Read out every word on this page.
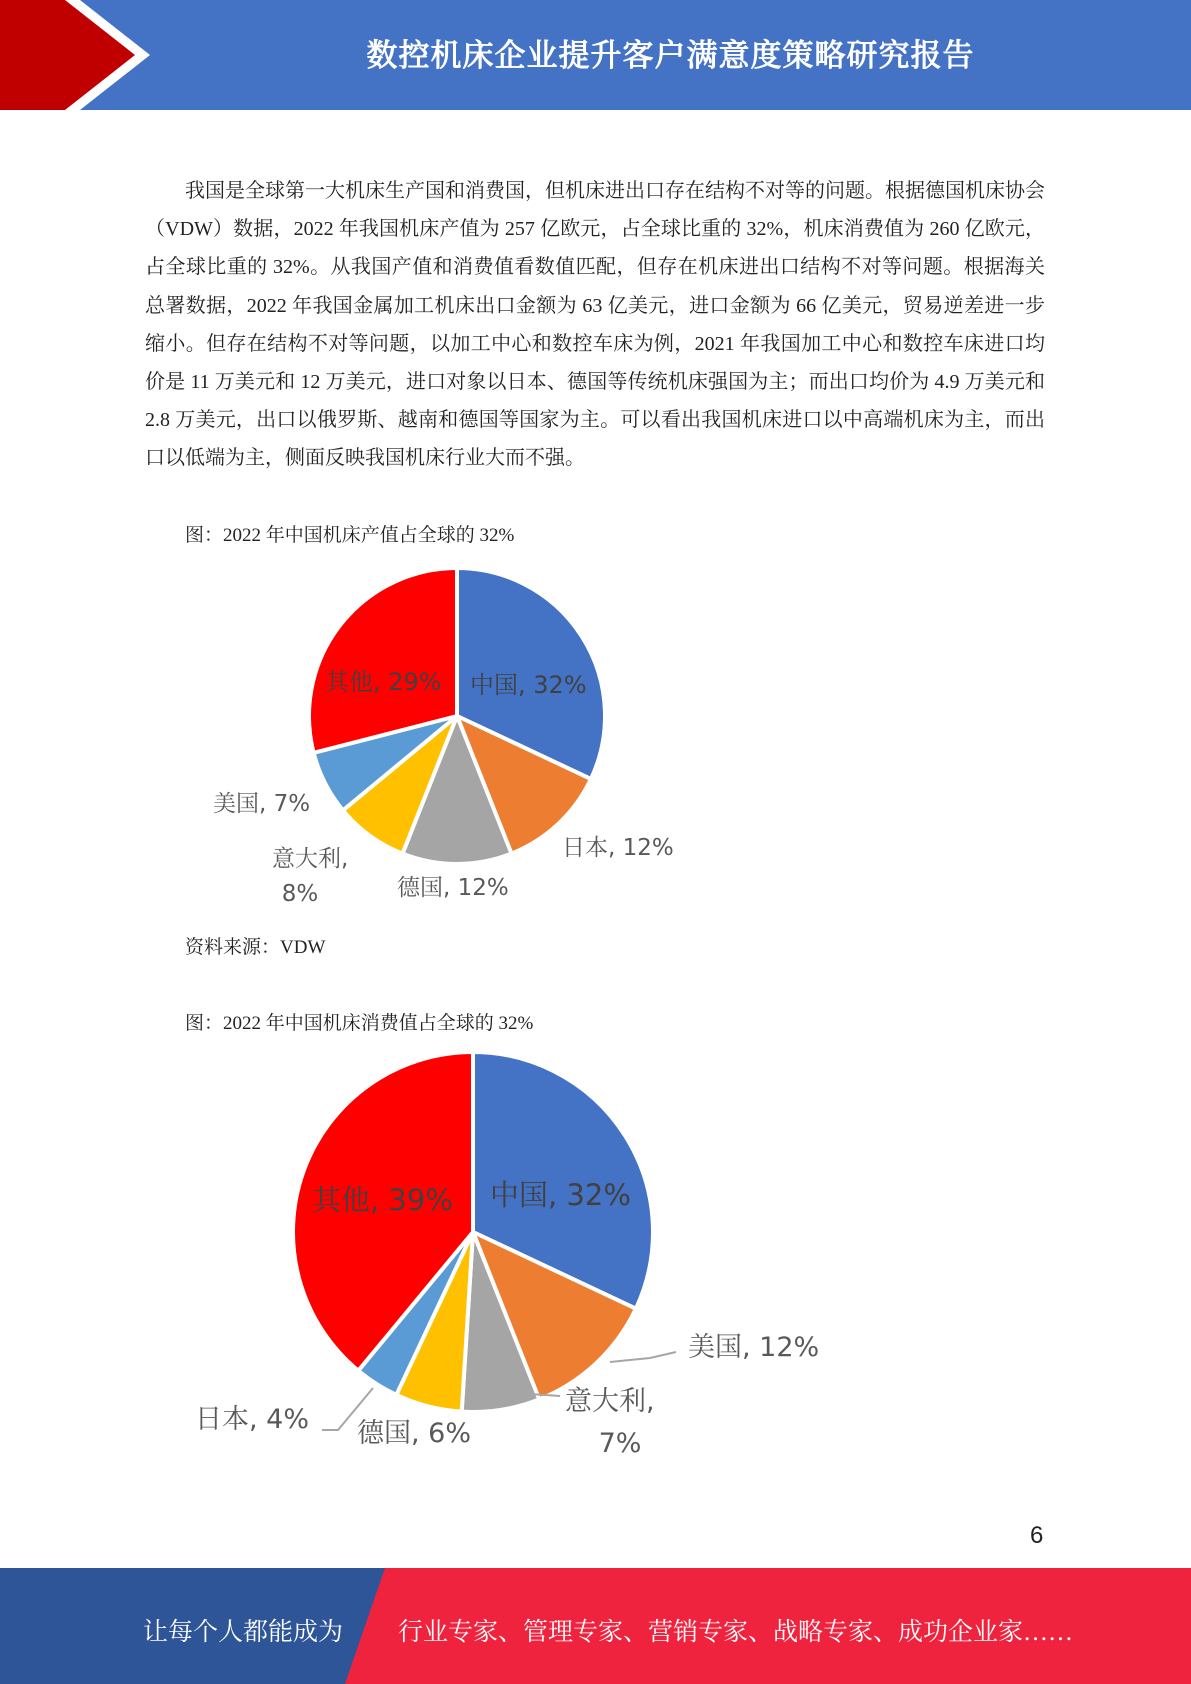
数控机床企业提升客户满意度策略研究报告

我国是全球第一大机床生产国和消费国，但机床进出口存在结构不对等的问题。根据德国机床协会（VDW）数据，2022 年我国机床产值为 257 亿欧元，占全球比重的 32%，机床消费值为 260 亿欧元，占全球比重的 32%。从我国产值和消费值看数值匹配，但存在机床进出口结构不对等问题。根据海关总署数据，2022 年我国金属加工机床出口金额为 63 亿美元，进口金额为 66 亿美元，贸易逆差进一步缩小。但存在结构不对等问题，以加工中心和数控车床为例，2021 年我国加工中心和数控车床进口均价是 11 万美元和 12 万美元，进口对象以日本、德国等传统机床强国为主；而出口均价为 4.9 万美元和 2.8 万美元，出口以俄罗斯、越南和德国等国家为主。可以看出我国机床进口以中高端机床为主，而出口以低端为主，侧面反映我国机床行业大而不强。

图：2022 年中国机床产值占全球的 32%
中国, 32%
日本, 12%
德国, 12%
意大利,
8%
美国, 7%
其他, 29%
资料来源：VDW
图：2022 年中国机床消费值占全球的 32%
中国, 32%
美国, 12%
意大利,
7%
德国, 6%
日本, 4%
其他, 39%
6
让每个人都能成为 行业专家、管理专家、营销专家、战略专家、成功企业家……
